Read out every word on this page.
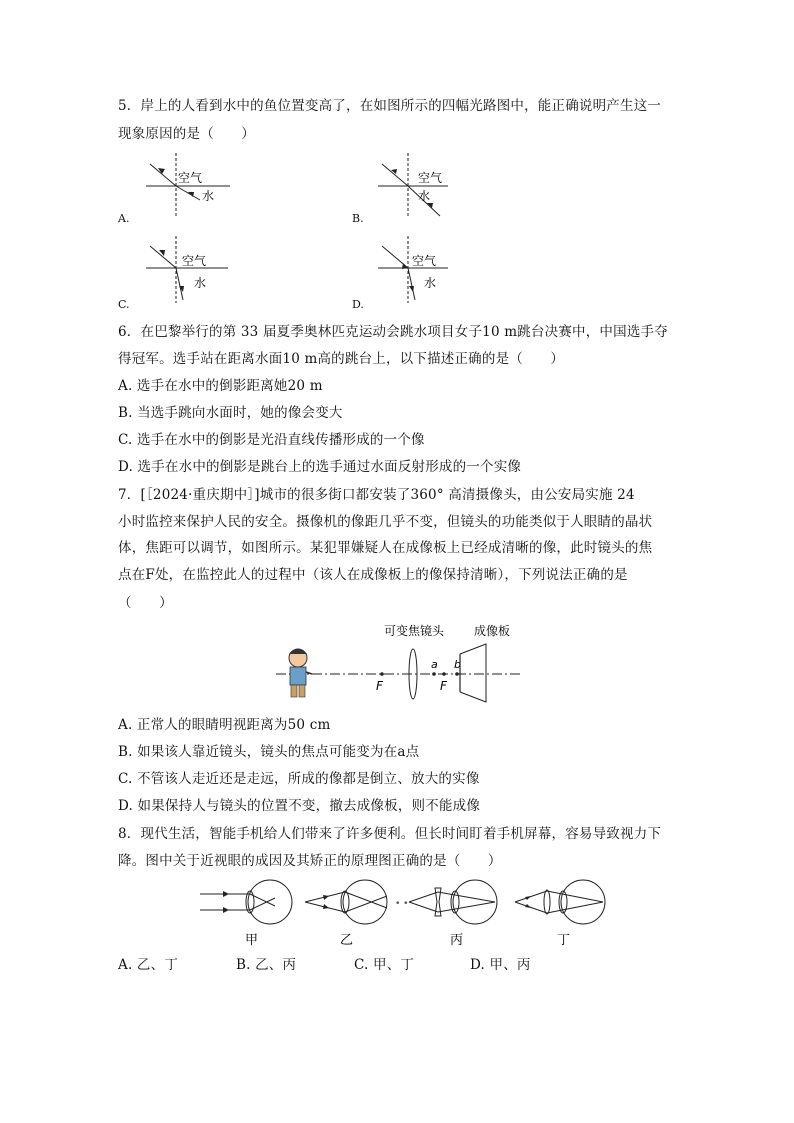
5．岸上的人看到水中的鱼位置变高了，在如图所示的四幅光路图中，能正确说明产生这一
现象原因的是（　　）
空气
水
空气
水
空气
水
空气
水
A.	B.
C.	D.
6．在巴黎举行的第 33 届夏季奥林匹克运动会跳水项目女子10 m跳台决赛中，中国选手夺
得冠军。选手站在距离水面10 m高的跳台上，以下描述正确的是（　　）
A. 选手在水中的倒影距离她20 m
B. 当选手跳向水面时，她的像会变大
C. 选手在水中的倒影是光沿直线传播形成的一个像
D. 选手在水中的倒影是跳台上的选手通过水面反射形成的一个实像
7．[［2024·重庆期中］]城市的很多街口都安装了360° 高清摄像头，由公安局实施 24
小时监控来保护人民的安全。摄像机的像距几乎不变，但镜头的功能类似于人眼睛的晶状
体，焦距可以调节，如图所示。某犯罪嫌疑人在成像板上已经成清晰的像，此时镜头的焦
点在F处，在监控此人的过程中（该人在成像板上的像保持清晰），下列说法正确的是
（　　）
可变焦镜头 成像板
F
a
F
b
A. 正常人的眼睛明视距离为50 cm
B. 如果该人靠近镜头，镜头的焦点可能变为在a点
C. 不管该人走近还是走远，所成的像都是倒立、放大的实像
D. 如果保持人与镜头的位置不变，撤去成像板，则不能成像
8．现代生活，智能手机给人们带来了许多便利。但长时间盯着手机屏幕，容易导致视力下
降。图中关于近视眼的成因及其矫正的原理图正确的是（　　）
甲	乙
• •
丙	丁
A. 乙、丁	B. 乙、丙	C. 甲、丁	D. 甲、丙
